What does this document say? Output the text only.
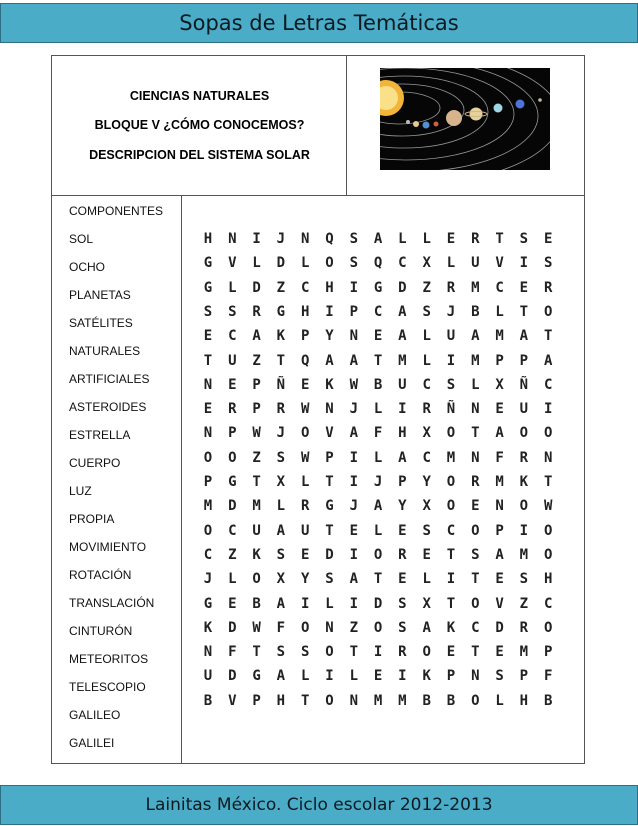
Sopas de Letras Temáticas
CIENCIAS NATURALES
BLOQUE V ¿CÓMO CONOCEMOS?
DESCRIPCION DEL SISTEMA SOLAR
COMPONENTES
SOL
OCHO
PLANETAS
SATÉLITES
NATURALES
ARTIFICIALES
ASTEROIDES
ESTRELLA
CUERPO
LUZ
PROPIA
MOVIMIENTO
ROTACIÓN
TRANSLACIÓN
CINTURÓN
METEORITOS
TELESCOPIO
GALILEO
GALILEI
H	N	I	J	N	Q	S	A	L	L	E	R	T	S	E
G	V	L	D	L	O	S	Q	C	X	L	U	V	I	S
G	L	D	Z	C	H	I	G	D	Z	R	M	C	E	R
S	S	R	G	H	I	P	C	A	S	J	B	L	T	O
E	C	A	K	P	Y	N	E	A	L	U	A	M	A	T
T	U	Z	T	Q	A	A	T	M	L	I	M	P	P	A
N	E	P	Ñ	E	K	W	B	U	C	S	L	X	Ñ	C
E	R	P	R	W	N	J	L	I	R	Ñ	N	E	U	I
N	P	W	J	O	V	A	F	H	X	O	T	A	O	O
O	O	Z	S	W	P	I	L	A	C	M	N	F	R	N
P	G	T	X	L	T	I	J	P	Y	O	R	M	K	T
M	D	M	L	R	G	J	A	Y	X	O	E	N	O	W
O	C	U	A	U	T	E	L	E	S	C	O	P	I	O
C	Z	K	S	E	D	I	O	R	E	T	S	A	M	O
J	L	O	X	Y	S	A	T	E	L	I	T	E	S	H
G	E	B	A	I	L	I	D	S	X	T	O	V	Z	C
K	D	W	F	O	N	Z	O	S	A	K	C	D	R	O
N	F	T	S	S	O	T	I	R	O	E	T	E	M	P
U	D	G	A	L	I	L	E	I	K	P	N	S	P	F
B	V	P	H	T	O	N	M	M	B	B	O	L	H	B
Lainitas México. Ciclo escolar 2012-2013
